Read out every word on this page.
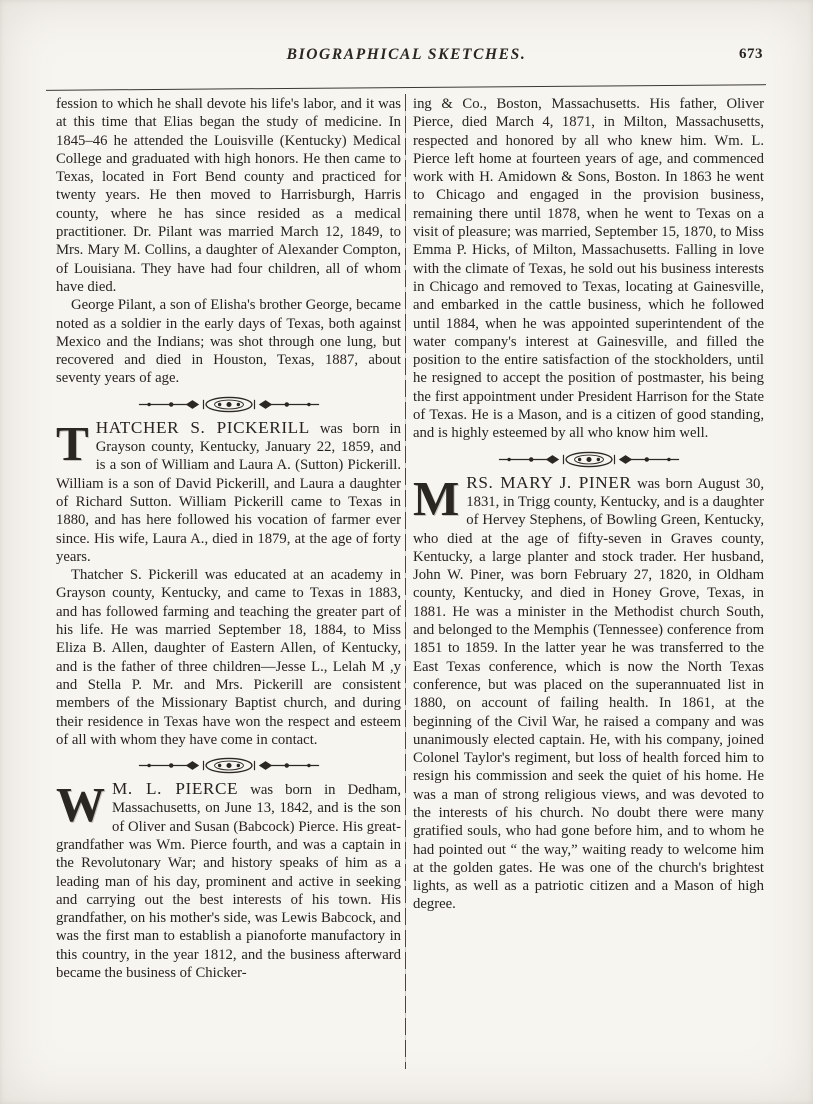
BIOGRAPHICAL SKETCHES.	673

fession to which he shall devote his life's labor, and it was at this time that Elias began the study of medicine. In 1845–46 he attended the Louisville (Kentucky) Medical College and graduated with high honors. He then came to Texas, located in Fort Bend county and practiced for twenty years. He then moved to Harrisburgh, Harris county, where he has since resided as a medical practitioner. Dr. Pilant was married March 12, 1849, to Mrs. Mary M. Collins, a daughter of Alexander Compton, of Louisiana. They have had four children, all of whom have died.

George Pilant, a son of Elisha's brother George, became noted as a soldier in the early days of Texas, both against Mexico and the Indians; was shot through one lung, but recovered and died in Houston, Texas, 1887, about seventy years of age.

THATCHER S. PICKERILL was born in Grayson county, Kentucky, January 22, 1859, and is a son of William and Laura A. (Sutton) Pickerill. William is a son of David Pickerill, and Laura a daughter of Richard Sutton. William Pickerill came to Texas in 1880, and has here followed his vocation of farmer ever since. His wife, Laura A., died in 1879, at the age of forty years.

Thatcher S. Pickerill was educated at an academy in Grayson county, Kentucky, and came to Texas in 1883, and has followed farming and teaching the greater part of his life. He was married September 18, 1884, to Miss Eliza B. Allen, daughter of Eastern Allen, of Kentucky, and is the father of three children—Jesse L., Lelah M ,y and Stella P. Mr. and Mrs. Pickerill are consistent members of the Missionary Baptist church, and during their residence in Texas have won the respect and esteem of all with whom they have come in contact.

W M. L. PIERCE was born in Dedham, Massachusetts, on June 13, 1842, and is the son of Oliver and Susan (Babcock) Pierce. His great-grandfather was Wm. Pierce fourth, and was a captain in the Revolutonary War; and history speaks of him as a leading man of his day, prominent and active in seeking and carrying out the best interests of his town. His grandfather, on his mother's side, was Lewis Babcock, and was the first man to establish a pianoforte manufactory in this country, in the year 1812, and the business afterward became the business of Chicker-

ing & Co., Boston, Massachusetts. His father, Oliver Pierce, died March 4, 1871, in Milton, Massachusetts, respected and honored by all who knew him. Wm. L. Pierce left home at fourteen years of age, and commenced work with H. Amidown & Sons, Boston. In 1863 he went to Chicago and engaged in the provision business, remaining there until 1878, when he went to Texas on a visit of pleasure; was married, September 15, 1870, to Miss Emma P. Hicks, of Milton, Massachusetts. Falling in love with the climate of Texas, he sold out his business interests in Chicago and removed to Texas, locating at Gainesville, and embarked in the cattle business, which he followed until 1884, when he was appointed superintendent of the water company's interest at Gainesville, and filled the position to the entire satisfaction of the stockholders, until he resigned to accept the position of postmaster, his being the first appointment under President Harrison for the State of Texas. He is a Mason, and is a citizen of good standing, and is highly esteemed by all who know him well.

MRS. MARY J. PINER was born August 30, 1831, in Trigg county, Kentucky, and is a daughter of Hervey Stephens, of Bowling Green, Kentucky, who died at the age of fifty-seven in Graves county, Kentucky, a large planter and stock trader. Her husband, John W. Piner, was born February 27, 1820, in Oldham county, Kentucky, and died in Honey Grove, Texas, in 1881. He was a minister in the Methodist church South, and belonged to the Memphis (Tennessee) conference from 1851 to 1859. In the latter year he was transferred to the East Texas conference, which is now the North Texas conference, but was placed on the superannuated list in 1880, on account of failing health. In 1861, at the beginning of the Civil War, he raised a company and was unanimously elected captain. He, with his company, joined Colonel Taylor's regiment, but loss of health forced him to resign his commission and seek the quiet of his home. He was a man of strong religious views, and was devoted to the interests of his church. No doubt there were many gratified souls, who had gone before him, and to whom he had pointed out “ the way,” waiting ready to welcome him at the golden gates. He was one of the church's brightest lights, as well as a patriotic citizen and a Mason of high degree.
